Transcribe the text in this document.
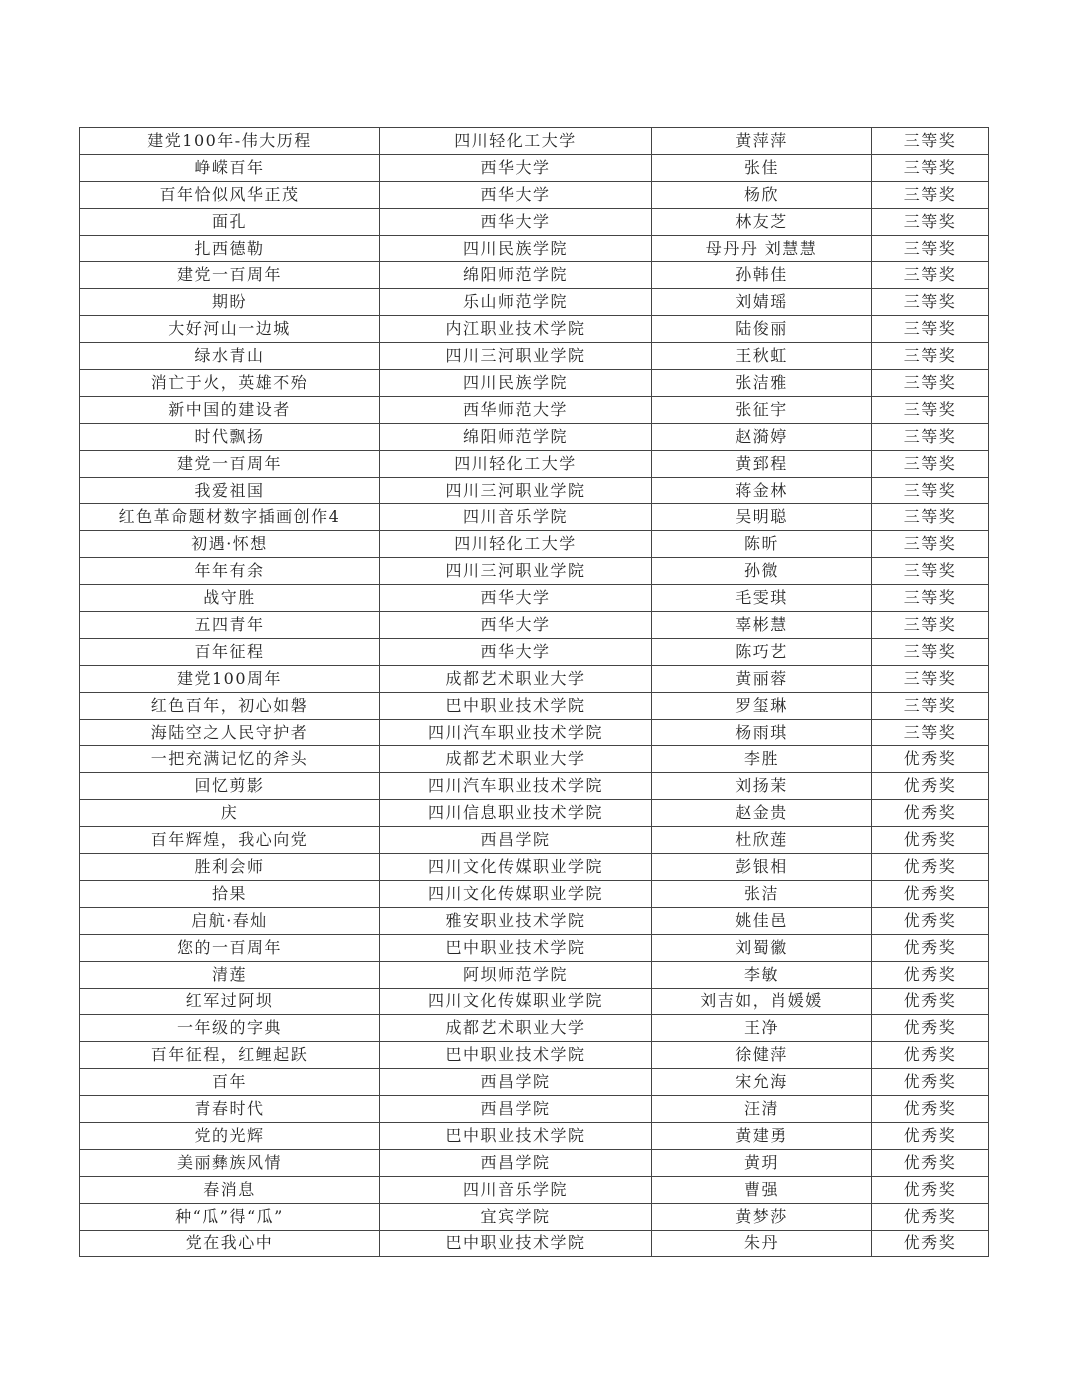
建党100年-伟大历程	四川轻化工大学	黄萍萍	三等奖
峥嵘百年	西华大学	张佳	三等奖
百年恰似风华正茂	西华大学	杨欣	三等奖
面孔	西华大学	林友芝	三等奖
扎西德勒	四川民族学院	母丹丹 刘慧慧	三等奖
建党一百周年	绵阳师范学院	孙韩佳	三等奖
期盼	乐山师范学院	刘婧瑶	三等奖
大好河山一边城	内江职业技术学院	陆俊丽	三等奖
绿水青山	四川三河职业学院	王秋虹	三等奖
消亡于火，英雄不殆	四川民族学院	张洁雅	三等奖
新中国的建设者	西华师范大学	张征宇	三等奖
时代飘扬	绵阳师范学院	赵漪婷	三等奖
建党一百周年	四川轻化工大学	黄郅程	三等奖
我爱祖国	四川三河职业学院	蒋金林	三等奖
红色革命题材数字插画创作4	四川音乐学院	吴明聪	三等奖
初遇·怀想	四川轻化工大学	陈昕	三等奖
年年有余	四川三河职业学院	孙微	三等奖
战守胜	西华大学	毛雯琪	三等奖
五四青年	西华大学	辜彬慧	三等奖
百年征程	西华大学	陈巧艺	三等奖
建党100周年	成都艺术职业大学	黄丽蓉	三等奖
红色百年，初心如磐	巴中职业技术学院	罗玺琳	三等奖
海陆空之人民守护者	四川汽车职业技术学院	杨雨琪	三等奖
一把充满记忆的斧头	成都艺术职业大学	李胜	优秀奖
回忆剪影	四川汽车职业技术学院	刘扬茉	优秀奖
庆	四川信息职业技术学院	赵金贵	优秀奖
百年辉煌，我心向党	西昌学院	杜欣莲	优秀奖
胜利会师	四川文化传媒职业学院	彭银相	优秀奖
拾果	四川文化传媒职业学院	张洁	优秀奖
启航·春灿	雅安职业技术学院	姚佳邑	优秀奖
您的一百周年	巴中职业技术学院	刘蜀徽	优秀奖
清莲	阿坝师范学院	李敏	优秀奖
红军过阿坝	四川文化传媒职业学院	刘吉如，肖媛媛	优秀奖
一年级的字典	成都艺术职业大学	王净	优秀奖
百年征程，红鲤起跃	巴中职业技术学院	徐健萍	优秀奖
百年	西昌学院	宋允海	优秀奖
青春时代	西昌学院	汪清	优秀奖
党的光辉	巴中职业技术学院	黄建勇	优秀奖
美丽彝族风情	西昌学院	黄玥	优秀奖
春消息	四川音乐学院	曹强	优秀奖
种“瓜”得“瓜”	宜宾学院	黄梦莎	优秀奖
党在我心中	巴中职业技术学院	朱丹	优秀奖
